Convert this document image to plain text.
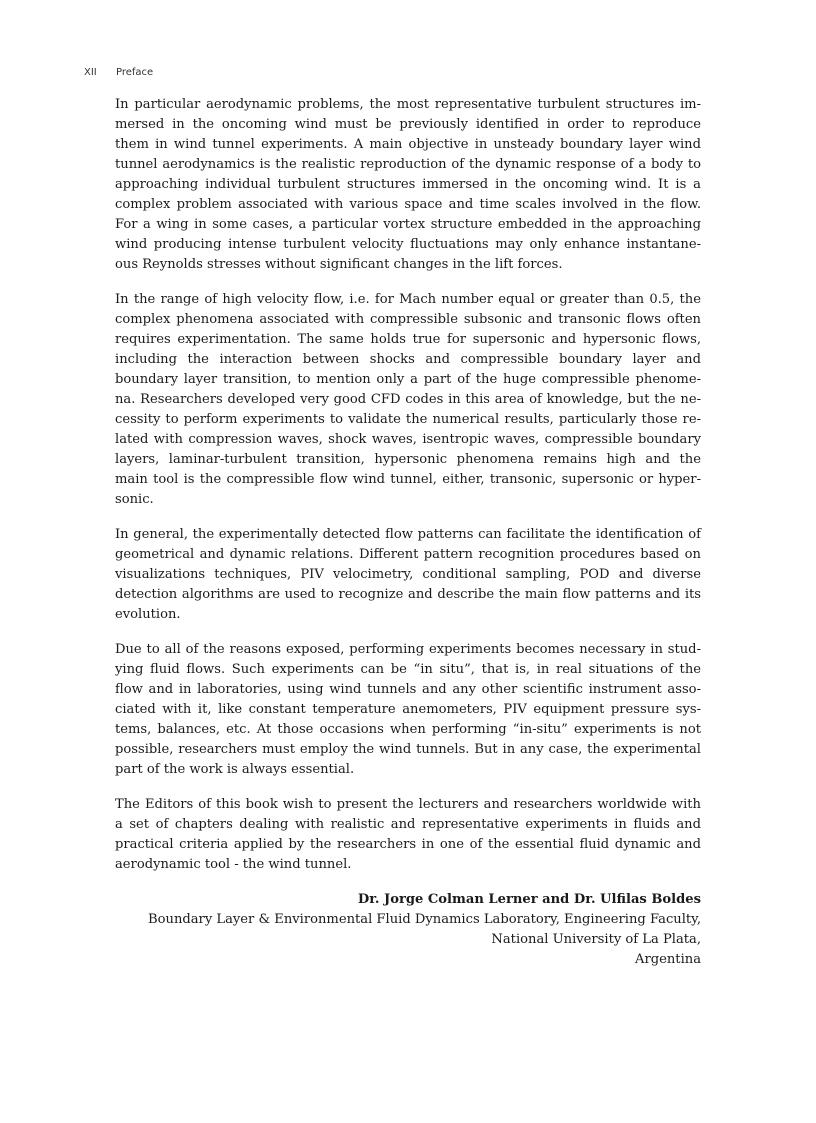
XII Preface
In particular aerodynamic problems, the most representative turbulent structures im-
mersed in the oncoming wind must be previously identified in order to reproduce
them in wind tunnel experiments. A main objective in unsteady boundary layer wind
tunnel aerodynamics is the realistic reproduction of the dynamic response of a body to
approaching individual turbulent structures immersed in the oncoming wind. It is a
complex problem associated with various space and time scales involved in the flow.
For a wing in some cases, a particular vortex structure embedded in the approaching
wind producing intense turbulent velocity fluctuations may only enhance instantane-
ous Reynolds stresses without significant changes in the lift forces.
In the range of high velocity flow, i.e. for Mach number equal or greater than 0.5, the
complex phenomena associated with compressible subsonic and transonic flows often
requires experimentation. The same holds true for supersonic and hypersonic flows,
including the interaction between shocks and compressible boundary layer and
boundary layer transition, to mention only a part of the huge compressible phenome-
na. Researchers developed very good CFD codes in this area of knowledge, but the ne-
cessity to perform experiments to validate the numerical results, particularly those re-
lated with compression waves, shock waves, isentropic waves, compressible boundary
layers, laminar-turbulent transition, hypersonic phenomena remains high and the
main tool is the compressible flow wind tunnel, either, transonic, supersonic or hyper-
sonic.
In general, the experimentally detected flow patterns can facilitate the identification of
geometrical and dynamic relations. Different pattern recognition procedures based on
visualizations techniques, PIV velocimetry, conditional sampling, POD and diverse
detection algorithms are used to recognize and describe the main flow patterns and its
evolution.
Due to all of the reasons exposed, performing experiments becomes necessary in stud-
ying fluid flows. Such experiments can be “in situ”, that is, in real situations of the
flow and in laboratories, using wind tunnels and any other scientific instrument asso-
ciated with it, like constant temperature anemometers, PIV equipment pressure sys-
tems, balances, etc. At those occasions when performing “in-situ” experiments is not
possible, researchers must employ the wind tunnels. But in any case, the experimental
part of the work is always essential.
The Editors of this book wish to present the lecturers and researchers worldwide with
a set of chapters dealing with realistic and representative experiments in fluids and
practical criteria applied by the researchers in one of the essential fluid dynamic and
aerodynamic tool - the wind tunnel.
Dr. Jorge Colman Lerner and Dr. Ulfilas Boldes
Boundary Layer & Environmental Fluid Dynamics Laboratory, Engineering Faculty,
National University of La Plata,
Argentina
